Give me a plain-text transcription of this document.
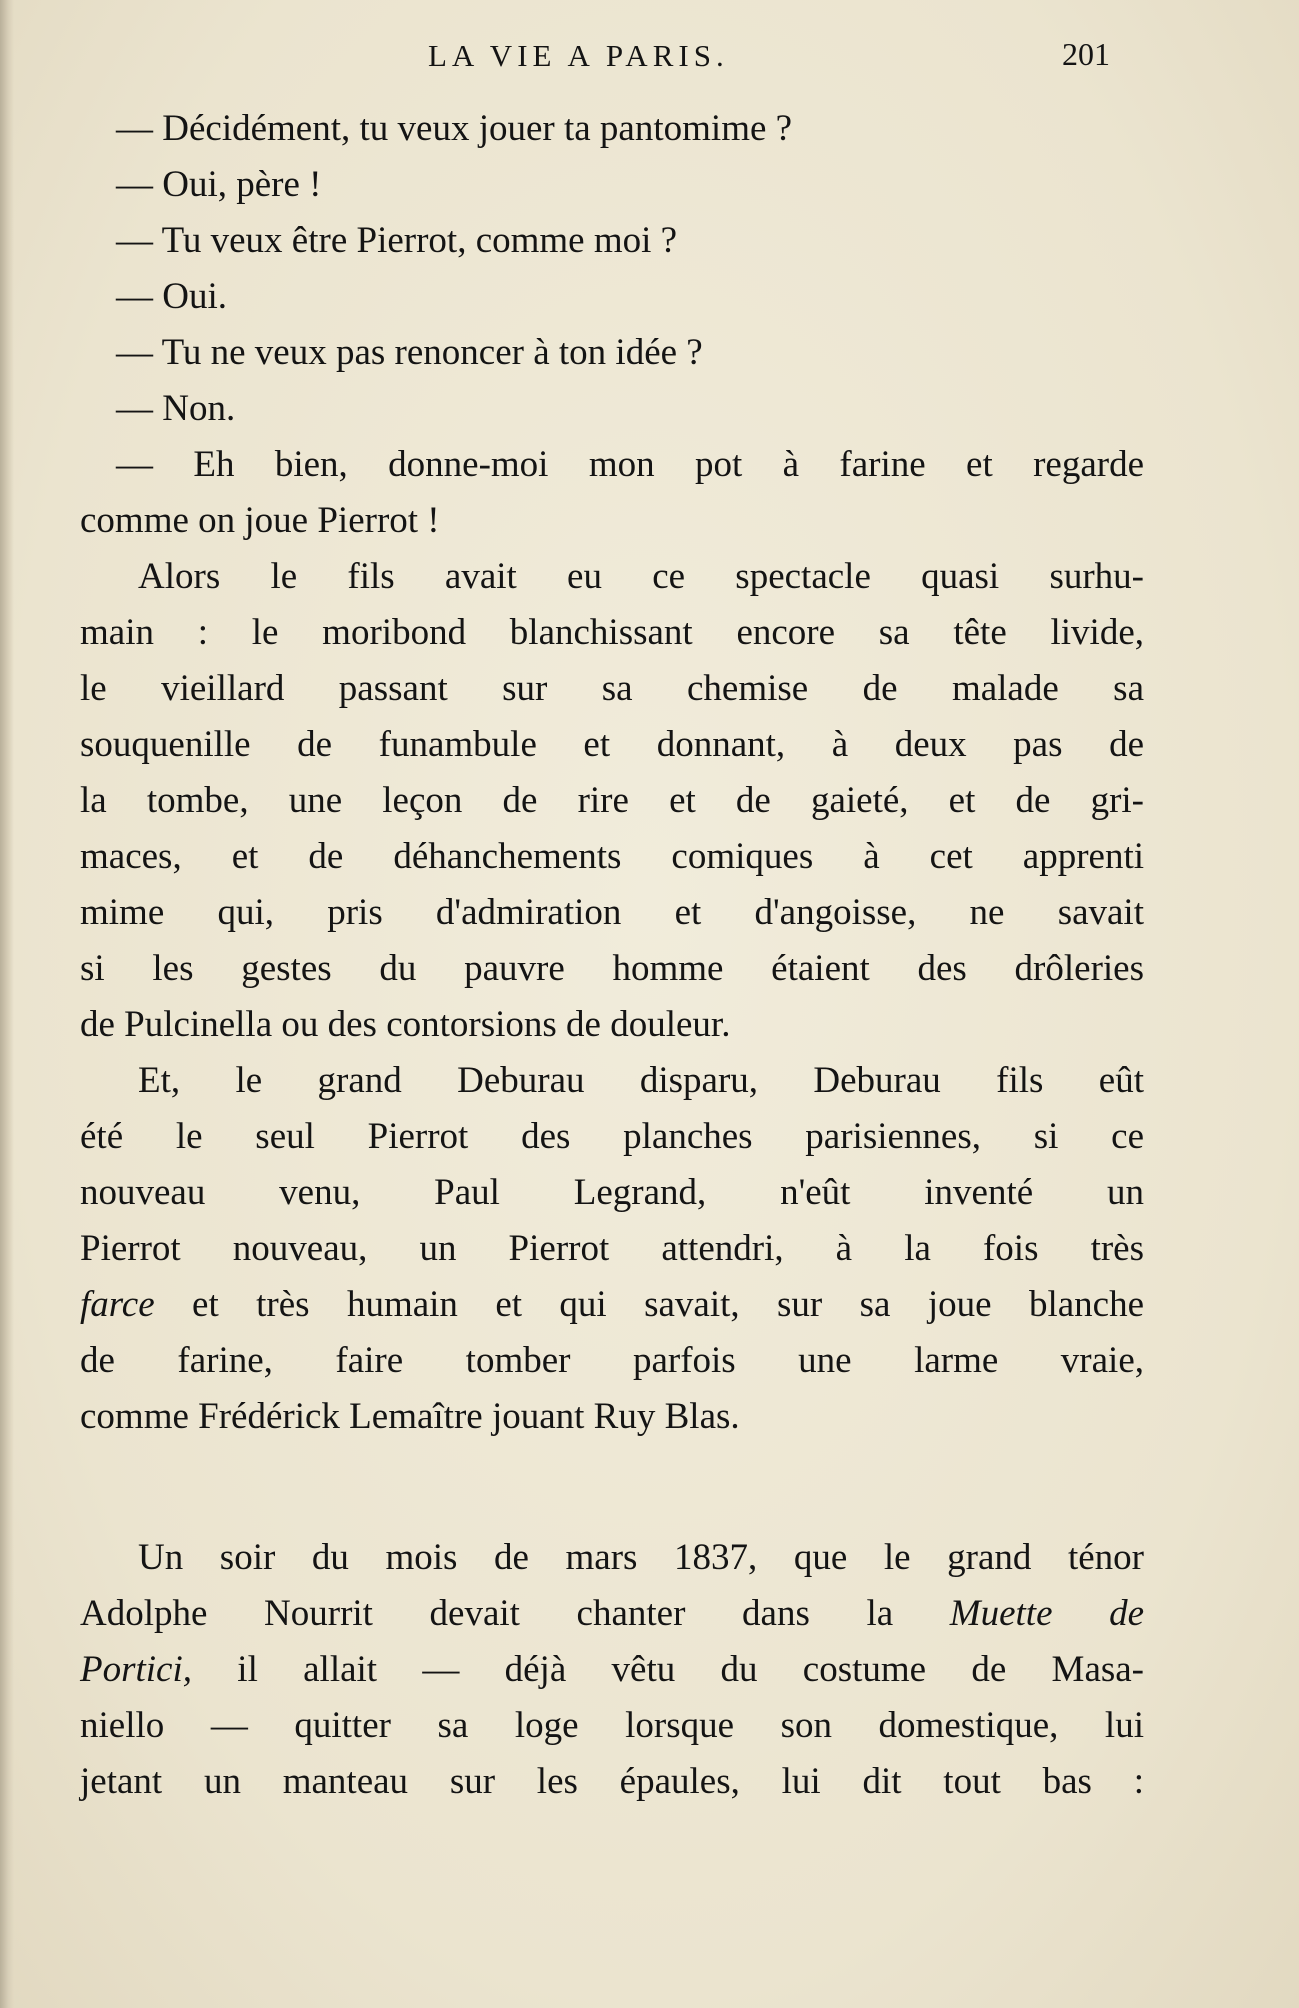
LA VIE A PARIS.	201
— Décidément, tu veux jouer ta pantomime ?
— Oui, père !
— Tu veux être Pierrot, comme moi ?
— Oui.
— Tu ne veux pas renoncer à ton idée ?
— Non.
— Eh bien, donne-moi mon pot à farine et regarde
comme on joue Pierrot !
Alors le fils avait eu ce spectacle quasi surhu-
main : le moribond blanchissant encore sa tête livide,
le vieillard passant sur sa chemise de malade sa
souquenille de funambule et donnant, à deux pas de
la tombe, une leçon de rire et de gaieté, et de gri-
maces, et de déhanchements comiques à cet apprenti
mime qui, pris d'admiration et d'angoisse, ne savait
si les gestes du pauvre homme étaient des drôleries
de Pulcinella ou des contorsions de douleur.
Et, le grand Deburau disparu, Deburau fils eût
été le seul Pierrot des planches parisiennes, si ce
nouveau venu, Paul Legrand, n'eût inventé un
Pierrot nouveau, un Pierrot attendri, à la fois très
farce et très humain et qui savait, sur sa joue blanche
de farine, faire tomber parfois une larme vraie,
comme Frédérick Lemaître jouant Ruy Blas.
Un soir du mois de mars 1837, que le grand ténor
Adolphe Nourrit devait chanter dans la Muette de
Portici, il allait — déjà vêtu du costume de Masa-
niello — quitter sa loge lorsque son domestique, lui
jetant un manteau sur les épaules, lui dit tout bas :
